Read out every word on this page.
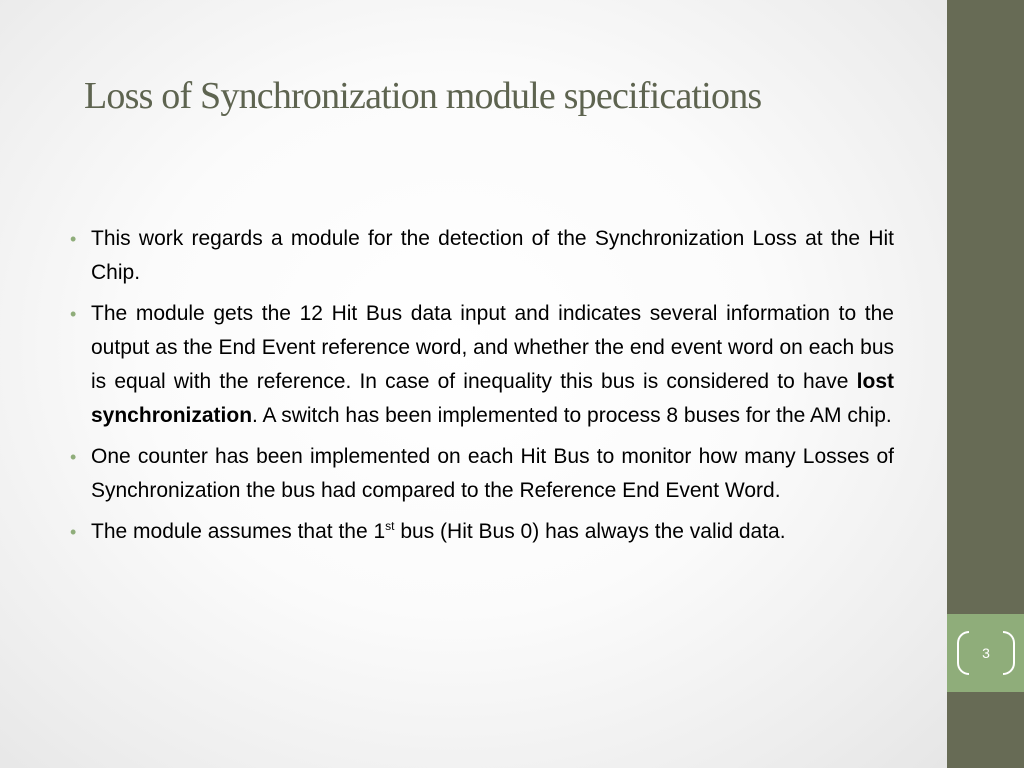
Loss of Synchronization module specifications
• This work regards a module for the detection of the Synchronization Loss at the Hit Chip.
• The module gets the 12 Hit Bus data input and indicates several information to the output as the End Event reference word, and whether the end event word on each bus is equal with the reference. In case of inequality this bus is considered to have lost synchronization. A switch has been implemented to process 8 buses for the AM chip.
• One counter has been implemented on each Hit Bus to monitor how many Losses of Synchronization the bus had compared to the Reference End Event Word.
• The module assumes that the 1st bus (Hit Bus 0) has always the valid data.
3
